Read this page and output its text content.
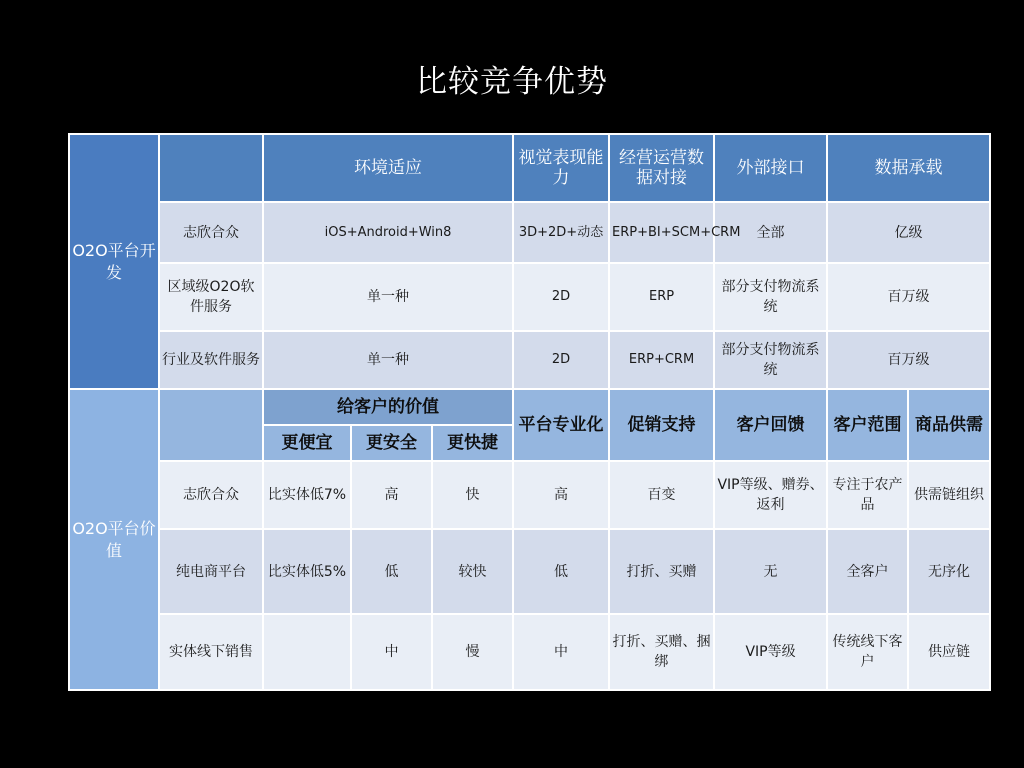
比较竞争优势
O2O平台开发		环境适应			视觉表现能力	经营运营数据对接	外部接口	数据承载	
	志欣合众	iOS+Android+Win8			3D+2D+动态	ERP+BI+SCM+CRM	全部	亿级	
	区域级O2O软件服务	单一种			2D	ERP	部分支付物流系统	百万级	
	行业及软件服务	单一种			2D	ERP+CRM	部分支付物流系统	百万级	
O2O平台价值		给客户的价值			平台专业化	促销支持	客户回馈	客户范围	商品供需
		更便宜	更安全	更快捷					
	志欣合众	比实体低7%	高	快	高	百变	VIP等级、赠券、返利	专注于农产品	供需链组织
	纯电商平台	比实体低5%	低	较快	低	打折、买赠	无	全客户	无序化
	实体线下销售		中	慢	中	打折、买赠、捆绑	VIP等级	传统线下客户	供应链
